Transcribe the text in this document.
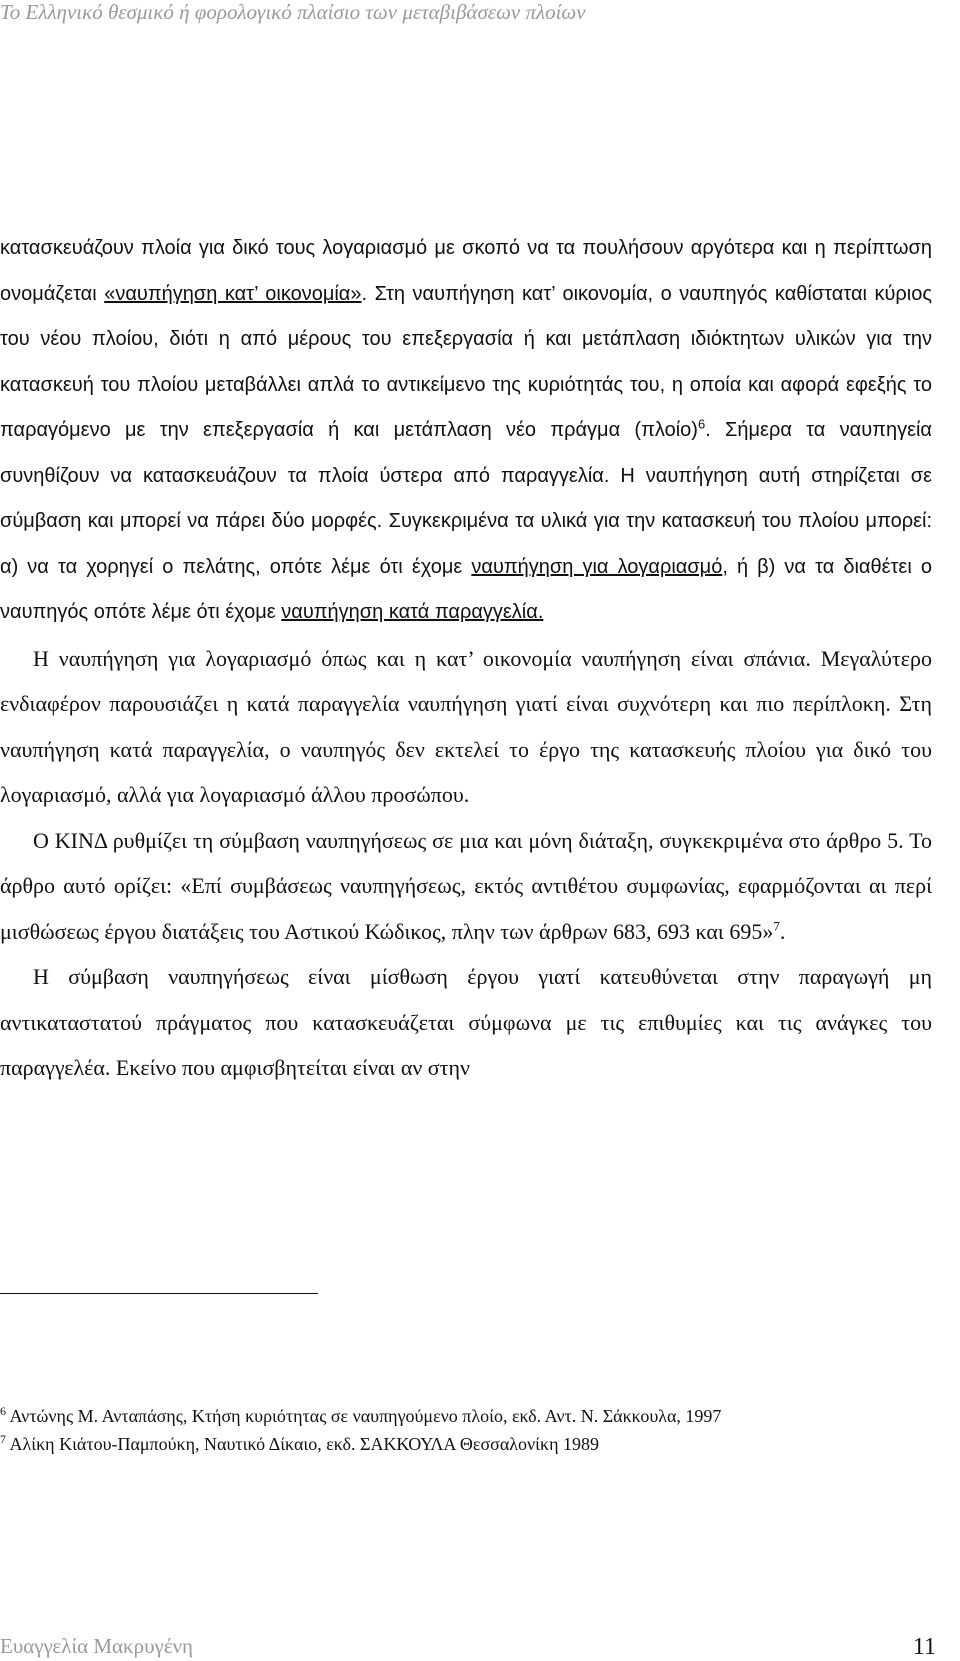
Το Ελληνικό θεσμικό ή φορολογικό πλαίσιο των μεταβιβάσεων πλοίων

κατασκευάζουν πλοία για δικό τους λογαριασμό με σκοπό να τα πουλήσουν αργότερα και η περίπτωση ονομάζεται «ναυπήγηση κατ’ οικονομία». Στη ναυπήγηση κατ’ οικονομία, ο ναυπηγός καθίσταται κύριος του νέου πλοίου, διότι η από μέρους του επεξεργασία ή και μετάπλαση ιδιόκτητων υλικών για την κατασκευή του πλοίου μεταβάλλει απλά το αντικείμενο της κυριότητάς του, η οποία και αφορά εφεξής το παραγόμενο με την επεξεργασία ή και μετάπλαση νέο πράγμα $(\pi\lambda oίo)^6$. Σήμερα τα ναυπηγεία συνηθίζουν να κατασκευάζουν τα πλοία ύστερα από παραγγελία. Η ναυπήγηση αυτή στηρίζεται σε σύμβαση και μπορεί να πάρει δύο μορφές. Συγκεκριμένα τα υλικά για την κατασκευή του πλοίου μπορεί: α) να τα χορηγεί ο πελάτης, οπότε λέμε ότι έχομε ναυπήγηση για λογαριασμό, ή β) να τα διαθέτει ο ναυπηγός οπότε λέμε ότι έχομε ναυπήγηση κατά παραγγελία.

Η ναυπήγηση για λογαριασμό όπως και η κατ’ οικονομία ναυπήγηση είναι σπάνια. Μεγαλύτερο ενδιαφέρον παρουσιάζει η κατά παραγγελία ναυπήγηση γιατί είναι συχνότερη και πιο περίπλοκη. Στη ναυπήγηση κατά παραγγελία, ο ναυπηγός δεν εκτελεί το έργο της κατασκευής πλοίου για δικό του λογαριασμό, αλλά για λογαριασμό άλλου προσώπου.

Ο ΚΙΝΔ ρυθμίζει τη σύμβαση ναυπηγήσεως σε μια και μόνη διάταξη, συγκεκριμένα στο άρθρο 5. Το άρθρο αυτό ορίζει: «Επί συμβάσεως ναυπηγήσεως, εκτός αντιθέτου συμφωνίας, εφαρμόζονται αι περί μισθώσεως έργου διατάξεις του Αστικού Κώδικος, πλην των άρθρων 683, 693 και 695»$^7$.

Η σύμβαση ναυπηγήσεως είναι μίσθωση έργου γιατί κατευθύνεται στην παραγωγή μη αντικαταστατού πράγματος που κατασκευάζεται σύμφωνα με τις επιθυμίες και τις ανάγκες του παραγγελέα. Εκείνο που αμφισβητείται είναι αν στην

$^6$ Αντώνης Μ. Ανταπάσης, Κτήση κυριότητας σε ναυπηγούμενο πλοίο, εκδ. Αντ. Ν. Σάκκουλα, 1997
$^7$ Αλίκη Κιάτου-Παμπούκη, Ναυτικό Δίκαιο, εκδ. ΣΑΚΚΟΥΛΑ Θεσσαλονίκη 1989
Ευαγγελία Μακρυγένη	11
